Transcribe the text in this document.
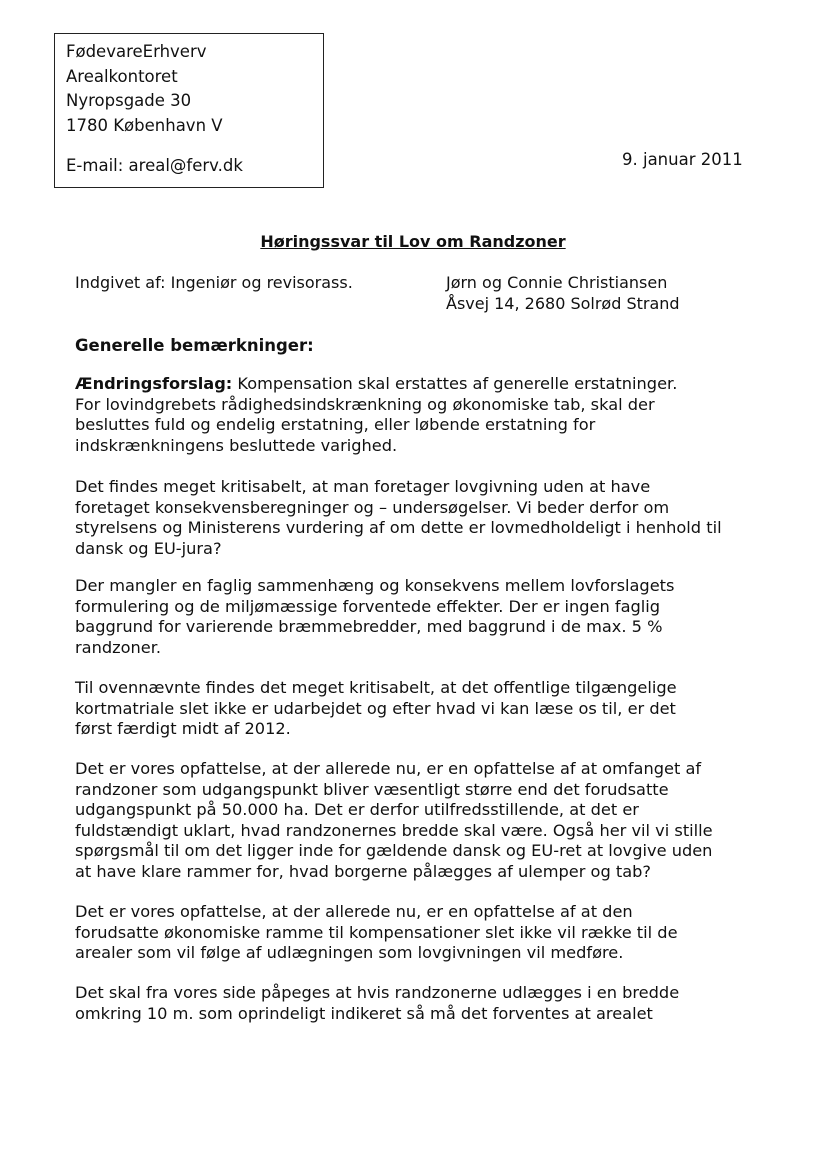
FødevareErhverv
Arealkontoret
Nyropsgade 30
1780 København V
E-mail: areal@ferv.dk	9. januar 2011
Høringssvar til Lov om Randzoner
Indgivet af: Ingeniør og revisorass.	Jørn og Connie Christiansen
Åsvej 14, 2680 Solrød Strand
Generelle bemærkninger:
Ændringsforslag: Kompensation skal erstattes af generelle erstatninger.
For lovindgrebets rådighedsindskrænkning og økonomiske tab, skal der
besluttes fuld og endelig erstatning, eller løbende erstatning for
indskrænkningens besluttede varighed.
Det findes meget kritisabelt, at man foretager lovgivning uden at have
foretaget konsekvensberegninger og – undersøgelser. Vi beder derfor om
styrelsens og Ministerens vurdering af om dette er lovmedholdeligt i henhold til
dansk og EU-jura?
Der mangler en faglig sammenhæng og konsekvens mellem lovforslagets
formulering og de miljømæssige forventede effekter. Der er ingen faglig
baggrund for varierende bræmmebredder, med baggrund i de max. 5 %
randzoner.
Til ovennævnte findes det meget kritisabelt, at det offentlige tilgængelige
kortmatriale slet ikke er udarbejdet og efter hvad vi kan læse os til, er det
først færdigt midt af 2012.
Det er vores opfattelse, at der allerede nu, er en opfattelse af at omfanget af
randzoner som udgangspunkt bliver væsentligt større end det forudsatte
udgangspunkt på 50.000 ha. Det er derfor utilfredsstillende, at det er
fuldstændigt uklart, hvad randzonernes bredde skal være. Også her vil vi stille
spørgsmål til om det ligger inde for gældende dansk og EU-ret at lovgive uden
at have klare rammer for, hvad borgerne pålægges af ulemper og tab?
Det er vores opfattelse, at der allerede nu, er en opfattelse af at den
forudsatte økonomiske ramme til kompensationer slet ikke vil række til de
arealer som vil følge af udlægningen som lovgivningen vil medføre.
Det skal fra vores side påpeges at hvis randzonerne udlægges i en bredde
omkring 10 m. som oprindeligt indikeret så må det forventes at arealet
